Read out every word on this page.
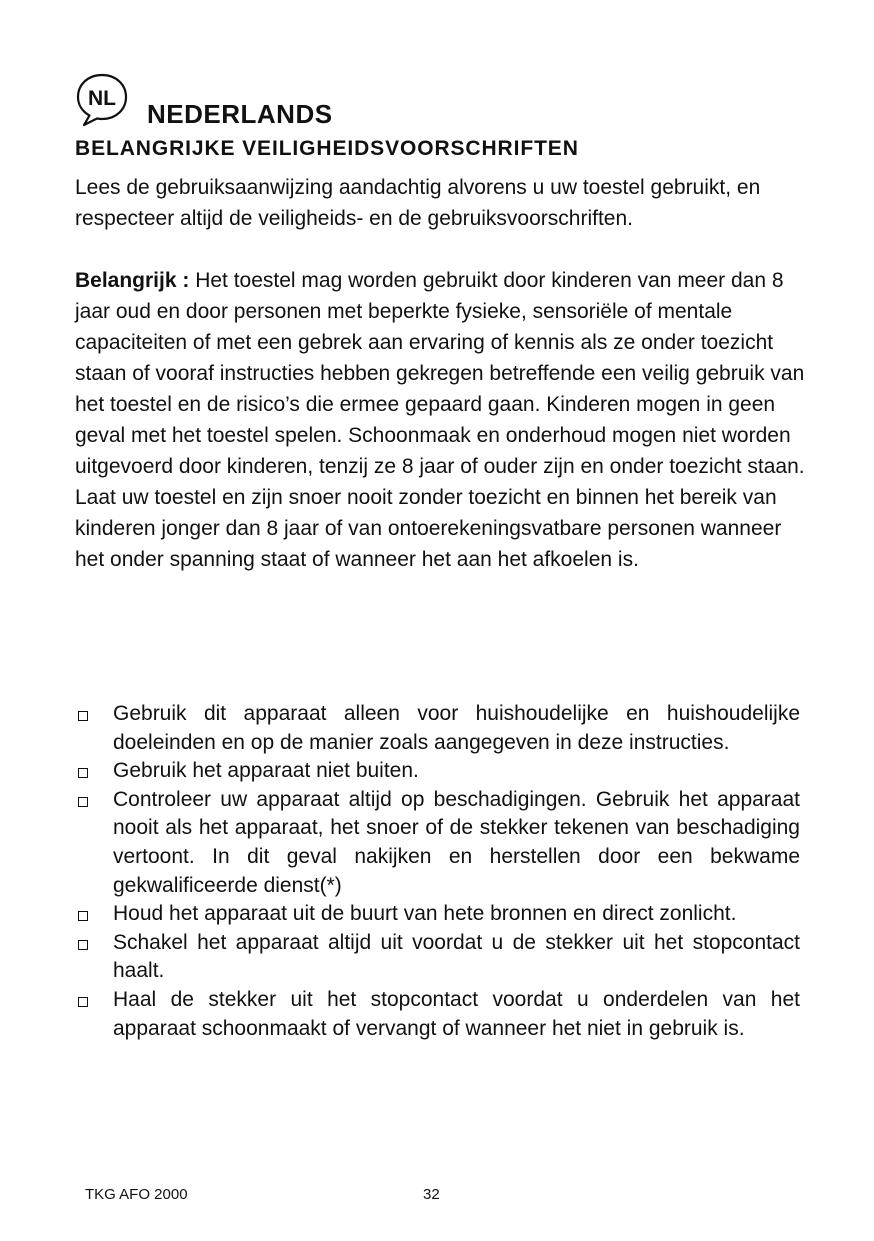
NL
NEDERLANDS
BELANGRIJKE VEILIGHEIDSVOORSCHRIFTEN

Lees de gebruiksaanwijzing aandachtig alvorens u uw toestel gebruikt, en respecteer altijd de veiligheids- en de gebruiksvoorschriften.

Belangrijk : Het toestel mag worden gebruikt door kinderen van meer dan 8 jaar oud en door personen met beperkte fysieke, sensoriële of mentale capaciteiten of met een gebrek aan ervaring of kennis als ze onder toezicht staan of vooraf instructies hebben gekregen betreffende een veilig gebruik van het toestel en de risico’s die ermee gepaard gaan. Kinderen mogen in geen geval met het toestel spelen. Schoonmaak en onderhoud mogen niet worden uitgevoerd door kinderen, tenzij ze 8 jaar of ouder zijn en onder toezicht staan. Laat uw toestel en zijn snoer nooit zonder toezicht en binnen het bereik van kinderen jonger dan 8 jaar of van ontoerekeningsvatbare personen wanneer het onder spanning staat of wanneer het aan het afkoelen is.

Gebruik dit apparaat alleen voor huishoudelijke en huishoudelijke doeleinden en op de manier zoals aangegeven in deze instructies.
Gebruik het apparaat niet buiten.
Controleer uw apparaat altijd op beschadigingen. Gebruik het apparaat nooit als het apparaat, het snoer of de stekker tekenen van beschadiging vertoont. In dit geval nakijken en herstellen door een bekwame gekwalificeerde dienst(*)
Houd het apparaat uit de buurt van hete bronnen en direct zonlicht.
Schakel het apparaat altijd uit voordat u de stekker uit het stopcontact haalt.
Haal de stekker uit het stopcontact voordat u onderdelen van het apparaat schoonmaakt of vervangt of wanneer het niet in gebruik is.
TKG AFO 2000	32
